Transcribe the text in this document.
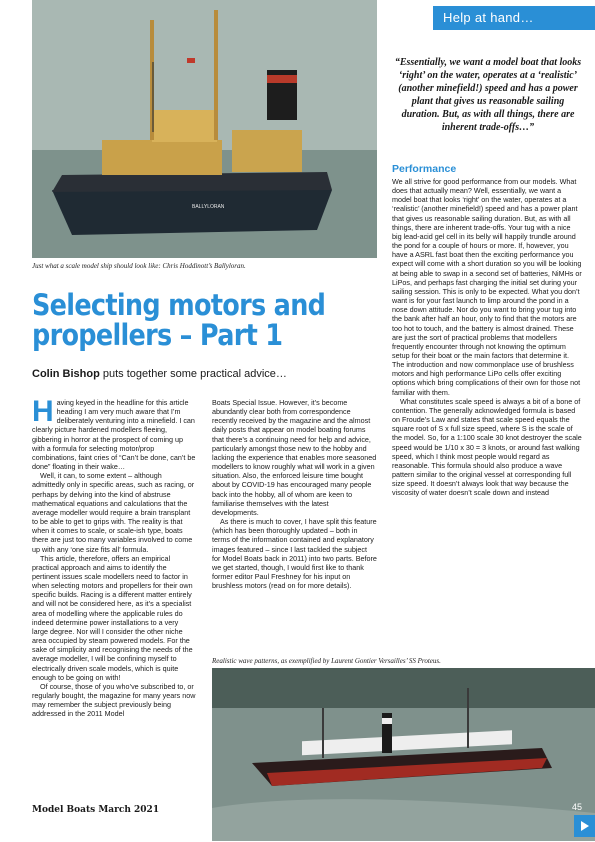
BALLYLORAN
Just what a scale model ship should look like: Chris Hoddinott’s Ballyloran.
Help at hand…
“Essentially, we want a model boat that looks ‘right’ on the water, operates at a ‘realistic’ (another minefield!) speed and has a power plant that gives us reasonable sailing duration. But, as with all things, there are inherent trade-offs…”
Selecting motors and propellers – Part 1
Colin Bishop puts together some practical advice…

Having keyed in the headline for this article heading I am very much aware that I’m deliberately venturing into a minefield. I can clearly picture hardened modellers fleeing, gibbering in horror at the prospect of coming up with a formula for selecting motor/prop combinations, faint cries of “Can’t be done, can’t be done” floating in their wake…

Well, it can, to some extent – although admittedly only in specific areas, such as racing, or perhaps by delving into the kind of abstruse mathematical equations and calculations that the average modeller would require a brain transplant to be able to get to grips with. The reality is that when it comes to scale, or scale-ish type, boats there are just too many variables involved to come up with any ‘one size fits all’ formula.

This article, therefore, offers an empirical practical approach and aims to identify the pertinent issues scale modellers need to factor in when selecting motors and propellers for their own specific builds. Racing is a different matter entirely and will not be considered here, as it’s a specialist area of modelling where the applicable rules do indeed determine power installations to a very large degree. Nor will I consider the other niche area occupied by steam powered models. For the sake of simplicity and recognising the needs of the average modeller, I will be confining myself to electrically driven scale models, which is quite enough to be going on with!

Of course, those of you who’ve subscribed to, or regularly bought, the magazine for many years now may remember the subject previously being addressed in the 2011 Model

Boats Special Issue. However, it’s become abundantly clear both from correspondence recently received by the magazine and the almost daily posts that appear on model boating forums that there’s a continuing need for help and advice, particularly amongst those new to the hobby and lacking the experience that enables more seasoned modellers to know roughly what will work in a given situation. Also, the enforced leisure time bought about by COVID-19 has encouraged many people back into the hobby, all of whom are keen to familiarise themselves with the latest developments.

As there is much to cover, I have split this feature (which has been thoroughly updated – both in terms of the information contained and explanatory images featured – since I last tackled the subject for Model Boats back in 2011) into two parts. Before we get started, though, I would first like to thank former editor Paul Freshney for his input on brushless motors (read on for more details).

Realistic wave patterns, as exemplified by Laurent Gontier Versailles’ SS Proteus.
Performance

We all strive for good performance from our models. What does that actually mean? Well, essentially, we want a model boat that looks ‘right’ on the water, operates at a ‘realistic’ (another minefield!) speed and has a power plant that gives us reasonable sailing duration. But, as with all things, there are inherent trade-offs. Your tug with a nice big lead-acid gel cell in its belly will happily trundle around the pond for a couple of hours or more. If, however, you have a ASRL fast boat then the exciting performance you expect will come with a short duration so you will be looking at being able to swap in a second set of batteries, NiMHs or LiPos, and perhaps fast charging the initial set during your sailing session. This is only to be expected. What you don’t want is for your fast launch to limp around the pond in a nose down attitude. Nor do you want to bring your tug into the bank after half an hour, only to find that the motors are too hot to touch, and the battery is almost drained. These are just the sort of practical problems that modellers frequently encounter through not knowing the optimum setup for their boat or the main factors that determine it. The introduction and now commonplace use of brushless motors and high performance LiPo cells offer exciting options which bring complications of their own for those not familiar with them.

What constitutes scale speed is always a bit of a bone of contention. The generally acknowledged formula is based on Froude’s Law and states that scale speed equals the square root of S x full size speed, where S is the scale of the model. So, for a 1:100 scale 30 knot destroyer the scale speed would be 1/10 x 30 = 3 knots, or around fast walking speed, which I think most people would regard as reasonable. This formula should also produce a wave pattern similar to the original vessel at corresponding full size speed. It doesn’t always look that way because the viscosity of water doesn’t scale down and instead

Model Boats March 2021	45
